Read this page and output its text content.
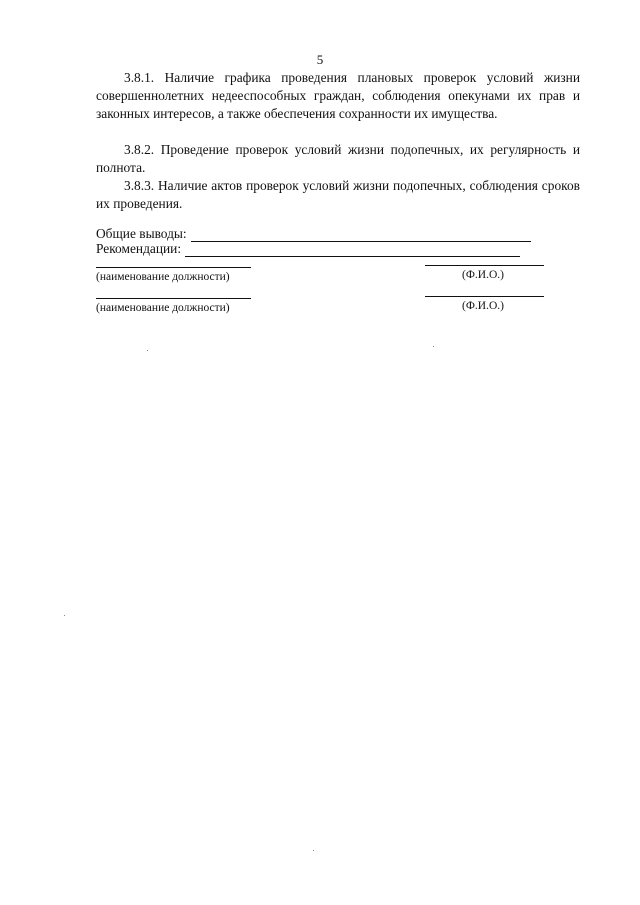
5
3.8.1. Наличие графика проведения плановых проверок условий жизни совершеннолетних недееспособных граждан, соблюдения опекунами их прав и законных интересов, а также обеспечения сохранности их имущества.
3.8.2. Проведение проверок условий жизни подопечных, их регулярность и полнота.
3.8.3. Наличие актов проверок условий жизни подопечных, соблюдения сроков их проведения.
Общие выводы:
Рекомендации:
(наименование должности)	(Ф.И.О.)
(наименование должности)	(Ф.И.О.)
